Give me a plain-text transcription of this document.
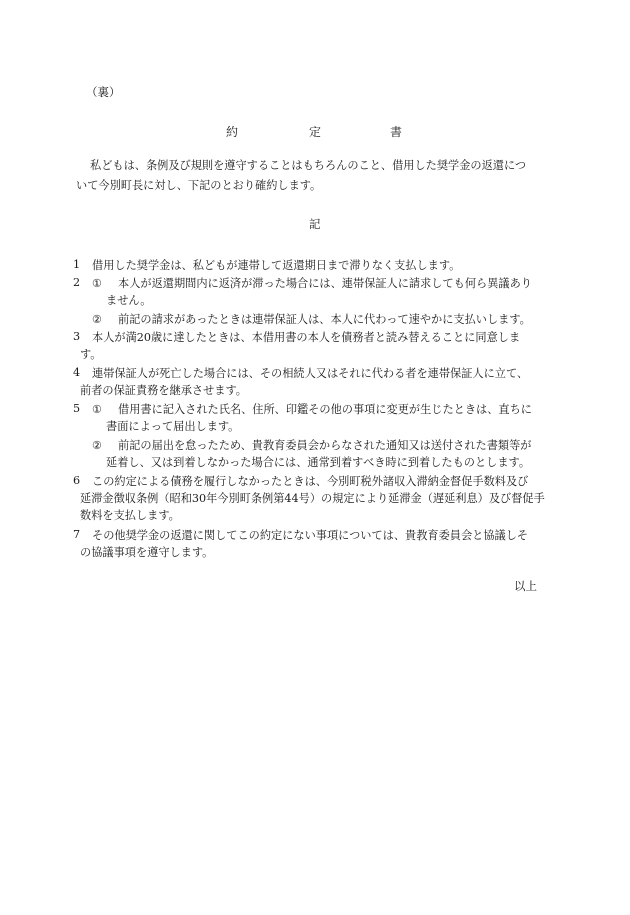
（裏）
約	定	書
私どもは、条例及び規則を遵守することはもちろんのこと、借用した奨学金の返還につ
いて今別町長に対し、下記のとおり確約します。
記
1 借用した奨学金は、私どもが連帯して返還期日まで滞りなく支払します。
2 ① 本人が返還期間内に返済が滞った場合には、連帯保証人に請求しても何ら異議あり
ません。
② 前記の請求があったときは連帯保証人は、本人に代わって速やかに支払いします。
3 本人が満20歳に達したときは、本借用書の本人を債務者と読み替えることに同意しま
す。
4 連帯保証人が死亡した場合には、その相続人又はそれに代わる者を連帯保証人に立て、
前者の保証責務を継承させます。
5 ① 借用書に記入された氏名、住所、印鑑その他の事項に変更が生じたときは、直ちに
書面によって届出します。
② 前記の届出を怠ったため、貴教育委員会からなされた通知又は送付された書類等が
延着し、又は到着しなかった場合には、通常到着すべき時に到着したものとします。
6 この約定による債務を履行しなかったときは、今別町税外諸収入滞納金督促手数料及び
延滞金徴収条例（昭和30年今別町条例第44号）の規定により延滞金（遅延利息）及び督促手
数料を支払します。
7 その他奨学金の返還に関してこの約定にない事項については、貴教育委員会と協議しそ
の協議事項を遵守します。
以上
